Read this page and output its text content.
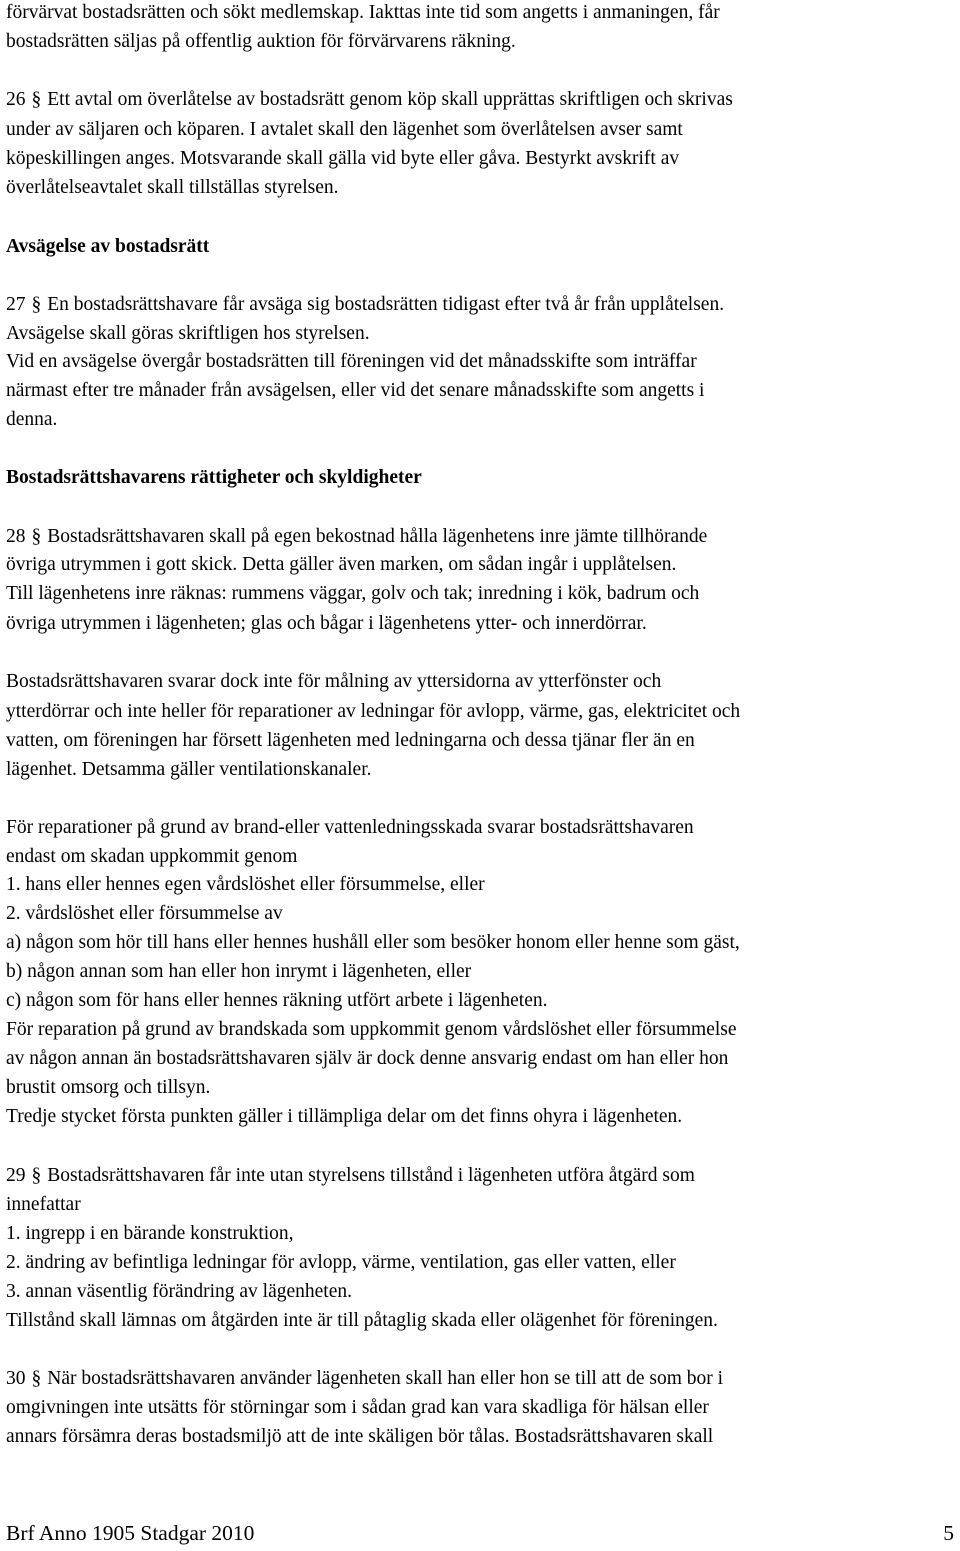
förvärvat bostadsrätten och sökt medlemskap. Iakttas inte tid som angetts i anmaningen, får
bostadsrätten säljas på offentlig auktion för förvärvarens räkning.
26 § Ett avtal om överlåtelse av bostadsrätt genom köp skall upprättas skriftligen och skrivas
under av säljaren och köparen. I avtalet skall den lägenhet som överlåtelsen avser samt
köpeskillingen anges. Motsvarande skall gälla vid byte eller gåva. Bestyrkt avskrift av
överlåtelseavtalet skall tillställas styrelsen.
Avsägelse av bostadsrätt
27 § En bostadsrättshavare får avsäga sig bostadsrätten tidigast efter två år från upplåtelsen.
Avsägelse skall göras skriftligen hos styrelsen.
Vid en avsägelse övergår bostadsrätten till föreningen vid det månadsskifte som inträffar
närmast efter tre månader från avsägelsen, eller vid det senare månadsskifte som angetts i
denna.
Bostadsrättshavarens rättigheter och skyldigheter
28 § Bostadsrättshavaren skall på egen bekostnad hålla lägenhetens inre jämte tillhörande
övriga utrymmen i gott skick. Detta gäller även marken, om sådan ingår i upplåtelsen.
Till lägenhetens inre räknas: rummens väggar, golv och tak; inredning i kök, badrum och
övriga utrymmen i lägenheten; glas och bågar i lägenhetens ytter- och innerdörrar.
Bostadsrättshavaren svarar dock inte för målning av yttersidorna av ytterfönster och
ytterdörrar och inte heller för reparationer av ledningar för avlopp, värme, gas, elektricitet och
vatten, om föreningen har försett lägenheten med ledningarna och dessa tjänar fler än en
lägenhet. Detsamma gäller ventilationskanaler.
För reparationer på grund av brand-eller vattenledningsskada svarar bostadsrättshavaren
endast om skadan uppkommit genom
1. hans eller hennes egen vårdslöshet eller försummelse, eller
2. vårdslöshet eller försummelse av
a) någon som hör till hans eller hennes hushåll eller som besöker honom eller henne som gäst,
b) någon annan som han eller hon inrymt i lägenheten, eller
c) någon som för hans eller hennes räkning utfört arbete i lägenheten.
För reparation på grund av brandskada som uppkommit genom vårdslöshet eller försummelse
av någon annan än bostadsrättshavaren själv är dock denne ansvarig endast om han eller hon
brustit omsorg och tillsyn.
Tredje stycket första punkten gäller i tillämpliga delar om det finns ohyra i lägenheten.
29 § Bostadsrättshavaren får inte utan styrelsens tillstånd i lägenheten utföra åtgärd som
innefattar
1. ingrepp i en bärande konstruktion,
2. ändring av befintliga ledningar för avlopp, värme, ventilation, gas eller vatten, eller
3. annan väsentlig förändring av lägenheten.
Tillstånd skall lämnas om åtgärden inte är till påtaglig skada eller olägenhet för föreningen.
30 § När bostadsrättshavaren använder lägenheten skall han eller hon se till att de som bor i
omgivningen inte utsätts för störningar som i sådan grad kan vara skadliga för hälsan eller
annars försämra deras bostadsmiljö att de inte skäligen bör tålas. Bostadsrättshavaren skall
Brf Anno 1905 Stadgar 2010	5
